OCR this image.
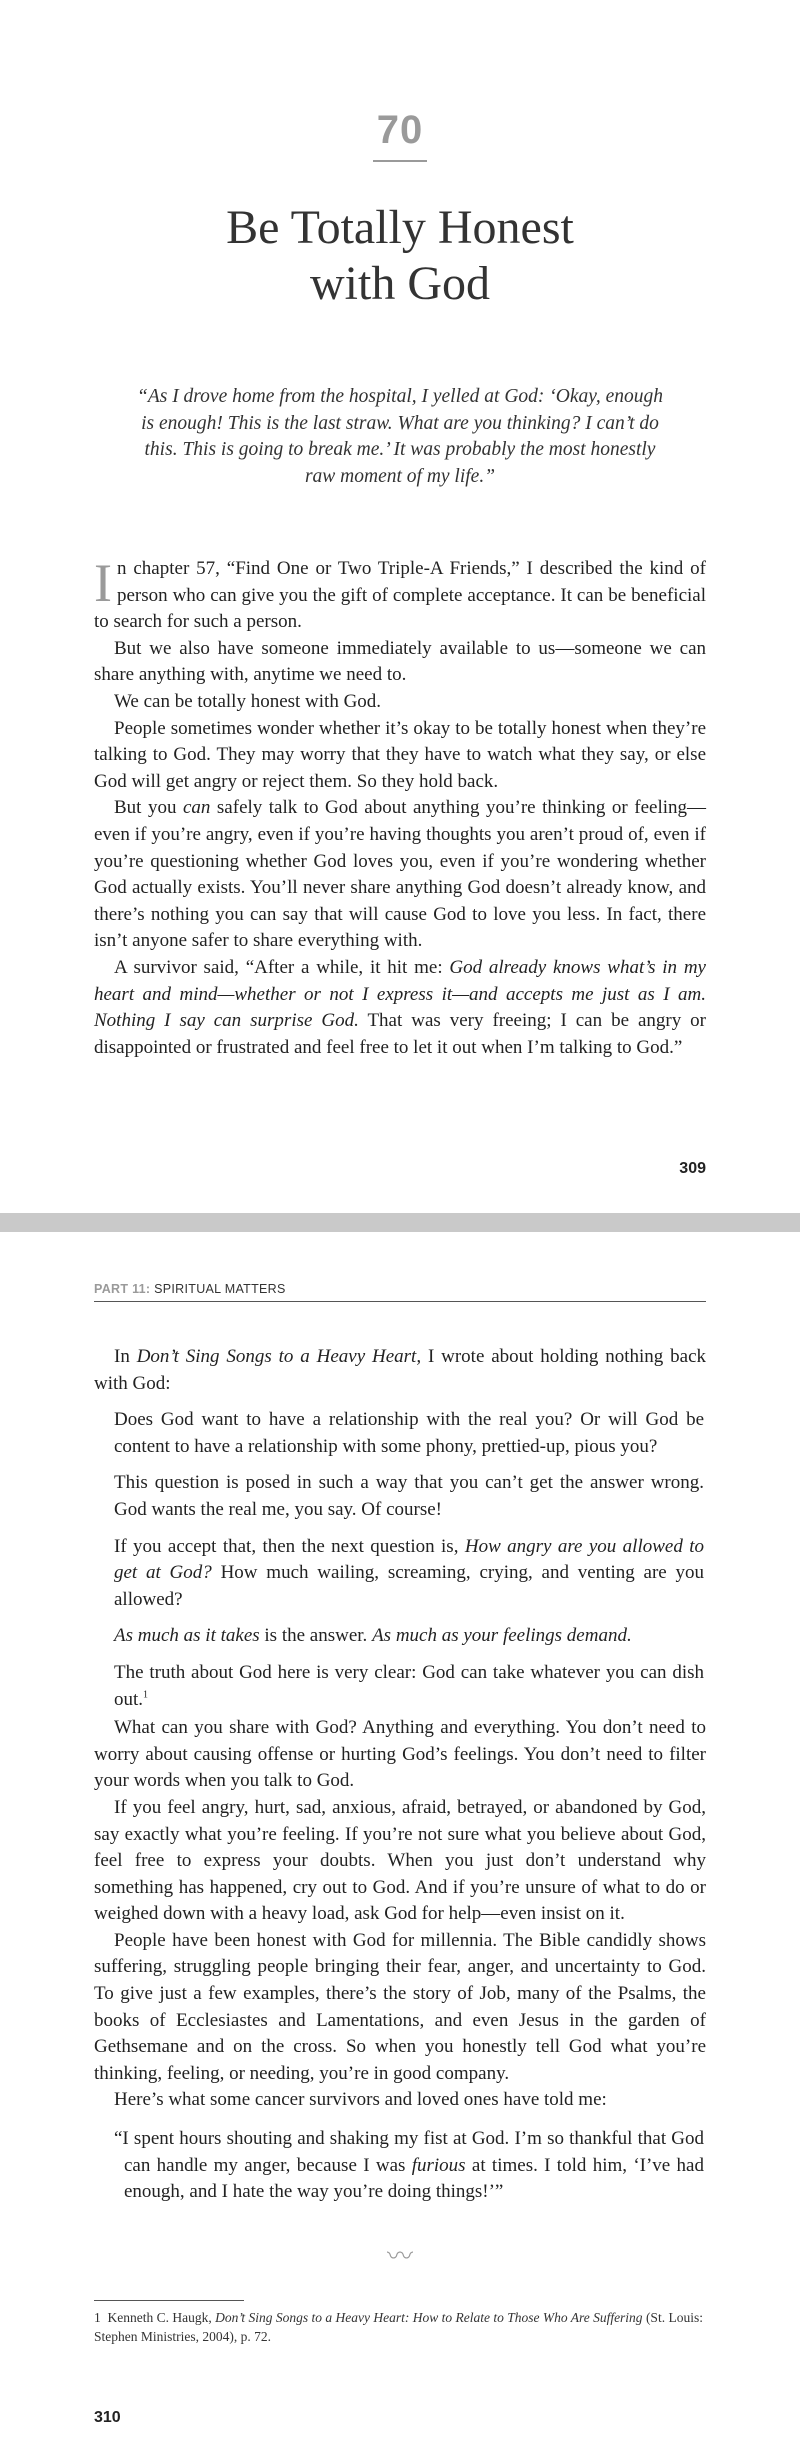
70
Be Totally Honest
with God
“As I drove home from the hospital, I yelled at God: ‘Okay, enough is enough! This is the last straw. What are you thinking? I can’t do this. This is going to break me.’ It was probably the most honestly raw moment of my life.”

In chapter 57, “Find One or Two Triple-A Friends,” I described the kind of person who can give you the gift of complete acceptance. It can be beneficial to search for such a person.

But we also have someone immediately available to us—someone we can share anything with, anytime we need to.

We can be totally honest with God.

People sometimes wonder whether it’s okay to be totally honest when they’re talking to God. They may worry that they have to watch what they say, or else God will get angry or reject them. So they hold back.

But you can safely talk to God about anything you’re thinking or feeling—even if you’re angry, even if you’re having thoughts you aren’t proud of, even if you’re questioning whether God loves you, even if you’re wondering whether God actually exists. You’ll never share anything God doesn’t already know, and there’s nothing you can say that will cause God to love you less. In fact, there isn’t anyone safer to share everything with.

A survivor said, “After a while, it hit me: God already knows what’s in my heart and mind—whether or not I express it—and accepts me just as I am. Nothing I say can surprise God. That was very freeing; I can be angry or disappointed or frustrated and feel free to let it out when I’m talking to God.”

309
PART 11: SPIRITUAL MATTERS

In Don’t Sing Songs to a Heavy Heart, I wrote about holding nothing back with God:

Does God want to have a relationship with the real you? Or will God be content to have a relationship with some phony, prettied-up, pious you?

This question is posed in such a way that you can’t get the answer wrong. God wants the real me, you say. Of course!

If you accept that, then the next question is, How angry are you allowed to get at God? How much wailing, screaming, crying, and venting are you allowed?

As much as it takes is the answer. As much as your feelings demand.

The truth about God here is very clear: God can take whatever you can dish out.$^1$

What can you share with God? Anything and everything. You don’t need to worry about causing offense or hurting God’s feelings. You don’t need to filter your words when you talk to God.

If you feel angry, hurt, sad, anxious, afraid, betrayed, or abandoned by God, say exactly what you’re feeling. If you’re not sure what you believe about God, feel free to express your doubts. When you just don’t understand why something has happened, cry out to God. And if you’re unsure of what to do or weighed down with a heavy load, ask God for help—even insist on it.

People have been honest with God for millennia. The Bible candidly shows suffering, struggling people bringing their fear, anger, and uncertainty to God. To give just a few examples, there’s the story of Job, many of the Psalms, the books of Ecclesiastes and Lamentations, and even Jesus in the garden of Gethsemane and on the cross. So when you honestly tell God what you’re thinking, feeling, or needing, you’re in good company.

Here’s what some cancer survivors and loved ones have told me:

“I spent hours shouting and shaking my fist at God. I’m so thankful that God can handle my anger, because I was furious at times. I told him, ‘I’ve had enough, and I hate the way you’re doing things!’”

〰
1 Kenneth C. Haugk, Don’t Sing Songs to a Heavy Heart: How to Relate to Those Who Are Suffering (St. Louis: Stephen Ministries, 2004), p. 72.
310
